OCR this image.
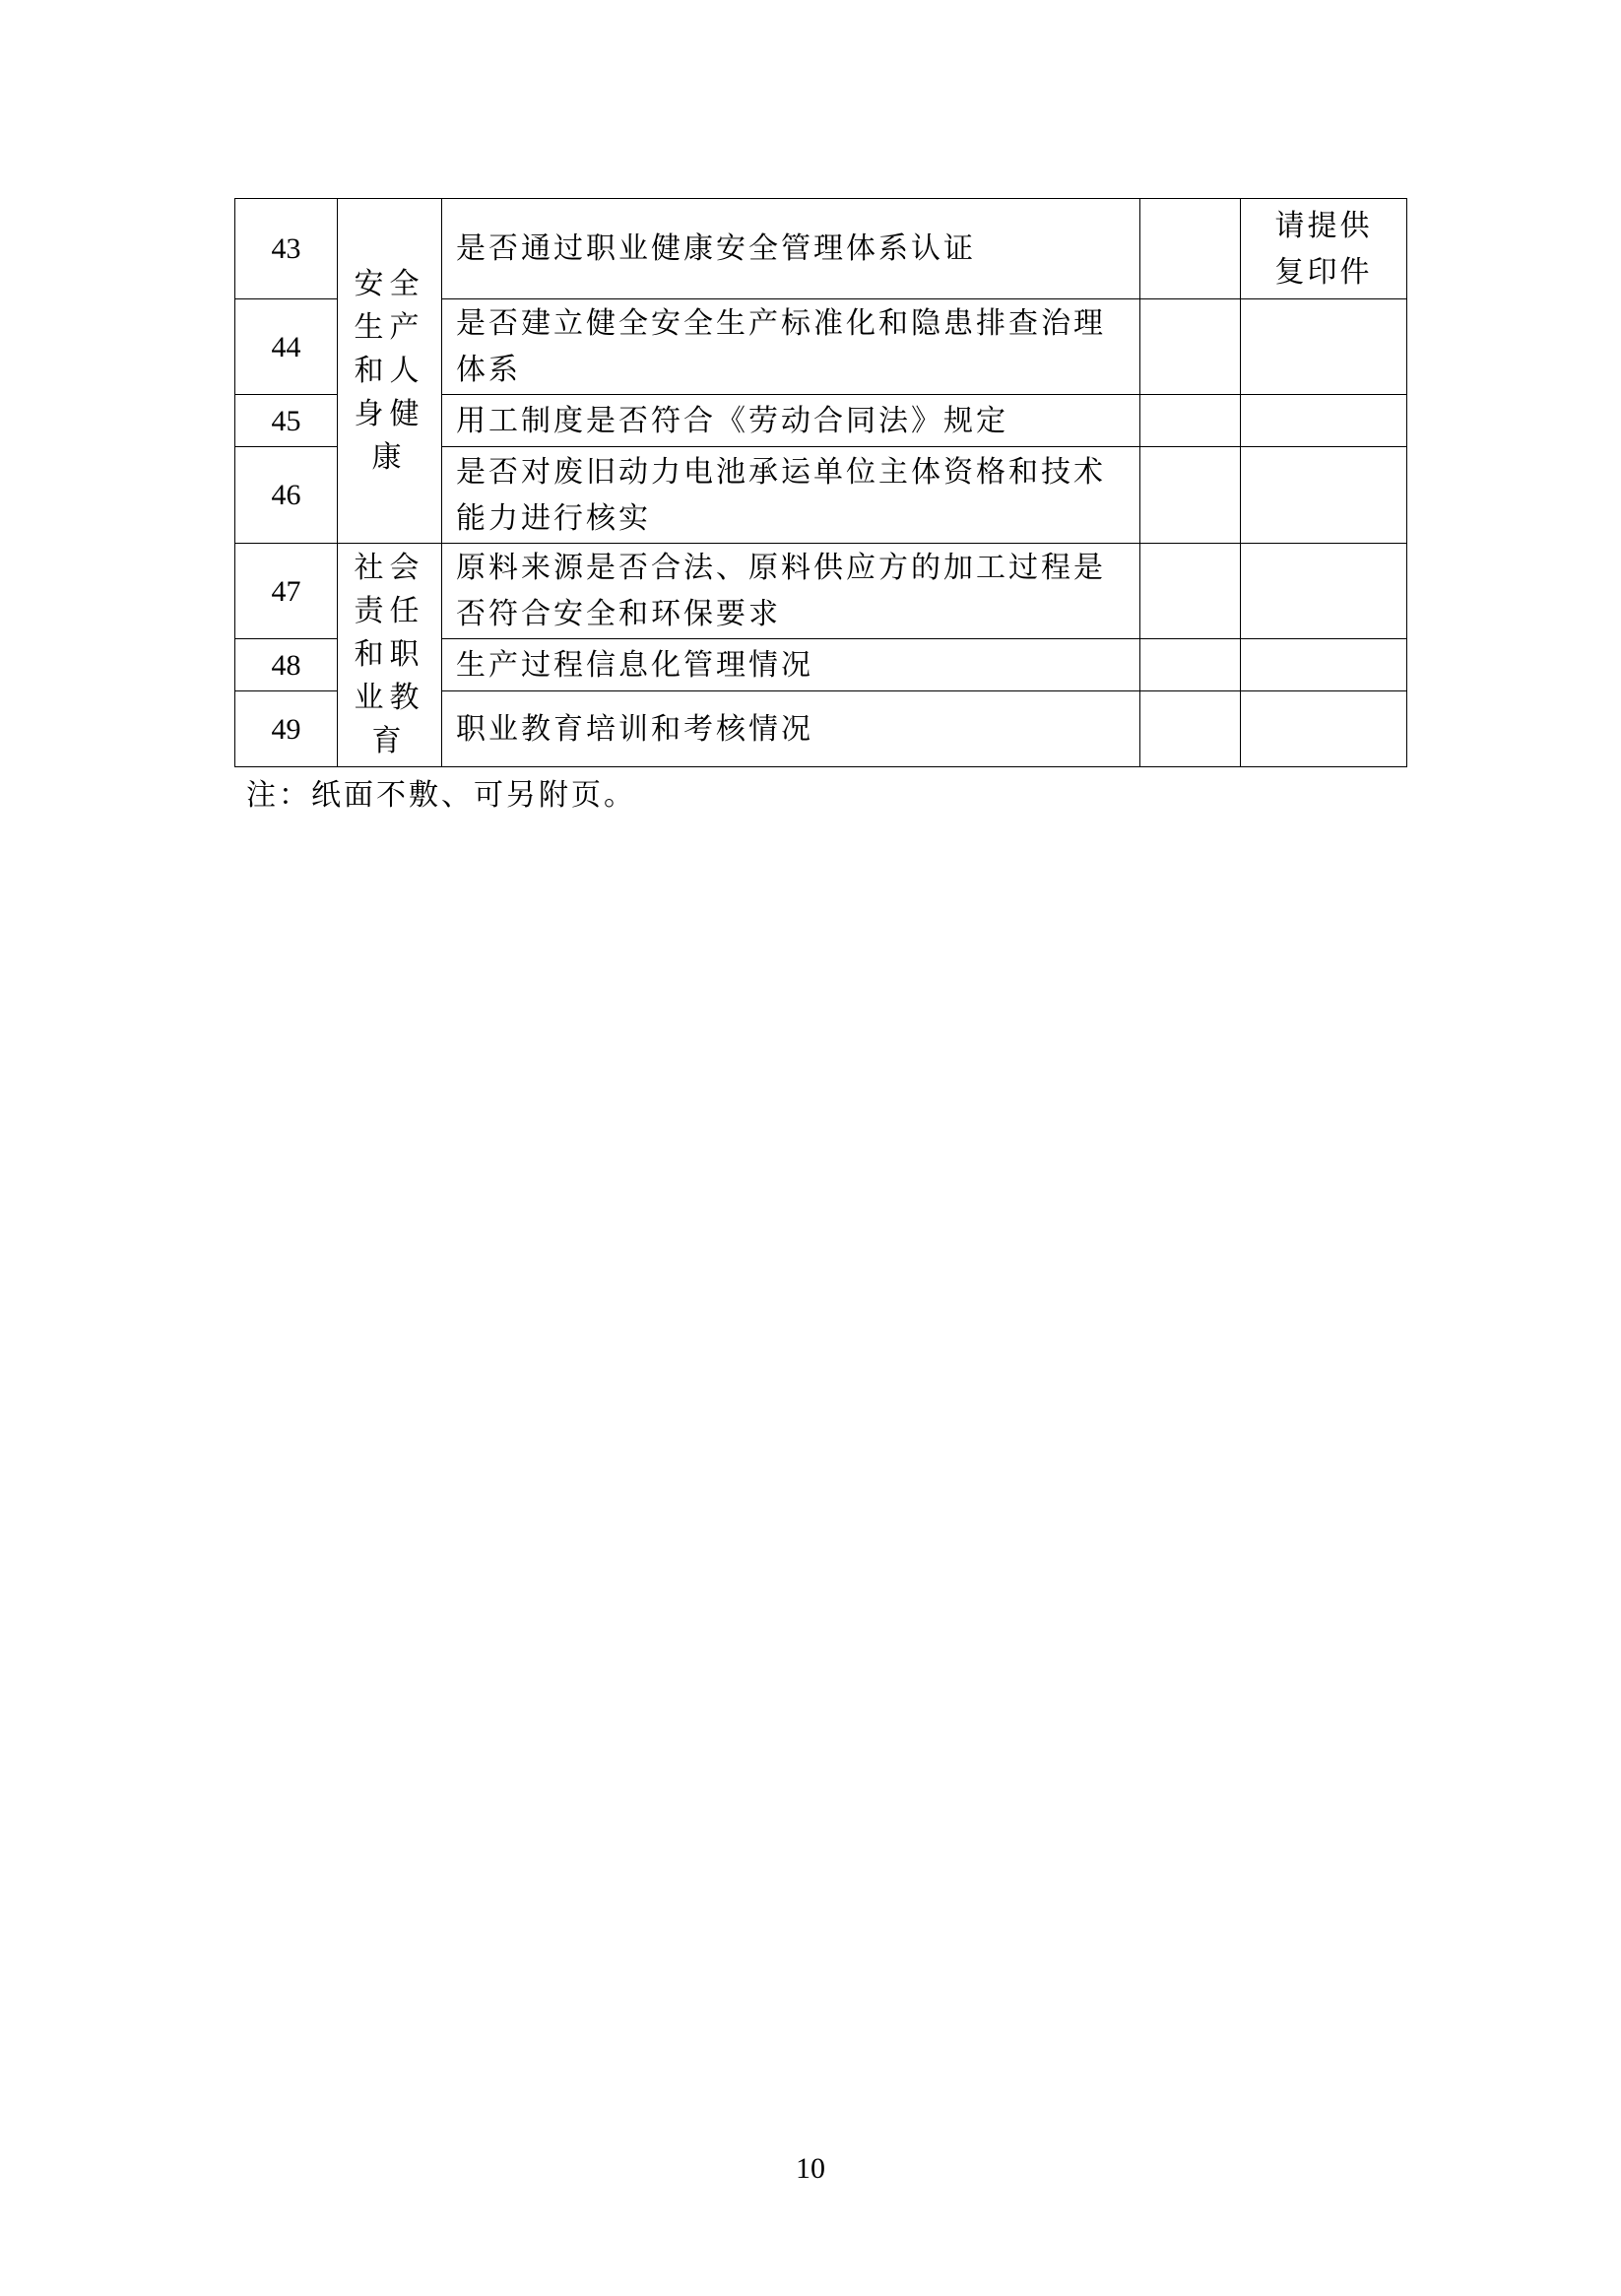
43	安全生产和人身健康	是否通过职业健康安全管理体系认证		请提供复印件

44		是否建立健全安全生产标准化和隐患排查治理体系		
45		用工制度是否符合《劳动合同法》规定		
46		是否对废旧动力电池承运单位主体资格和技术能力进行核实		
47	社会责任和职业教育	原料来源是否合法、原料供应方的加工过程是否符合安全和环保要求		
48		生产过程信息化管理情况		
49		职业教育培训和考核情况		
注：纸面不敷、可另附页。
10
